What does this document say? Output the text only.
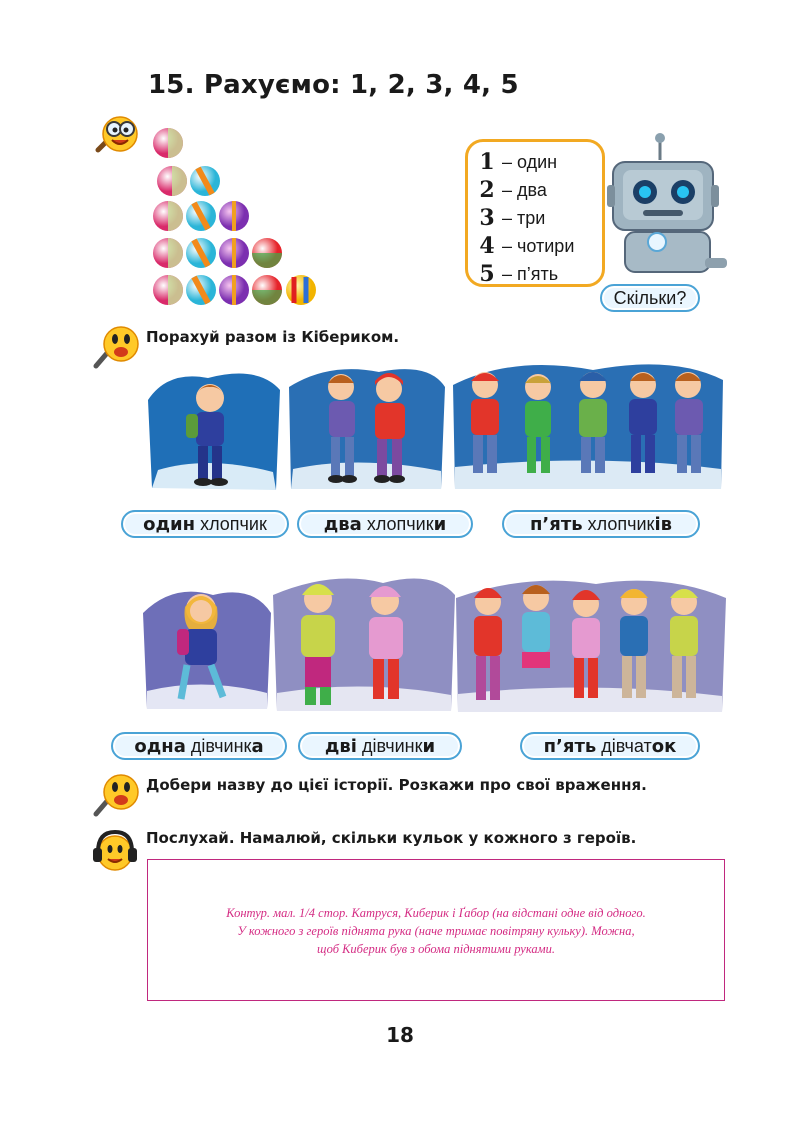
15. Рахуємо: 1, 2, 3, 4, 5
1 – один
2 – два
3 – три
4 – чотири
5 – п’ять
Скільки?
Порахуй разом із Кібериком.
один
хлопчик	два
хлопчик и	п’ять
хлопчик ів
одна
дівчинк а	дві
дівчинк и	п’ять
дівчат ок
Добери назву до цієї історії. Розкажи про свої враження.
Послухай. Намалюй, скільки кульок у кожного з героїв.
Контур. мал. 1/4 стор. Катруся, Киберик і Ґабор (на відстані одне від одного.
У кожного з героїв піднята рука (наче тримає повітряну кульку). Можна,
щоб Киберик був з обома піднятими руками.
18
